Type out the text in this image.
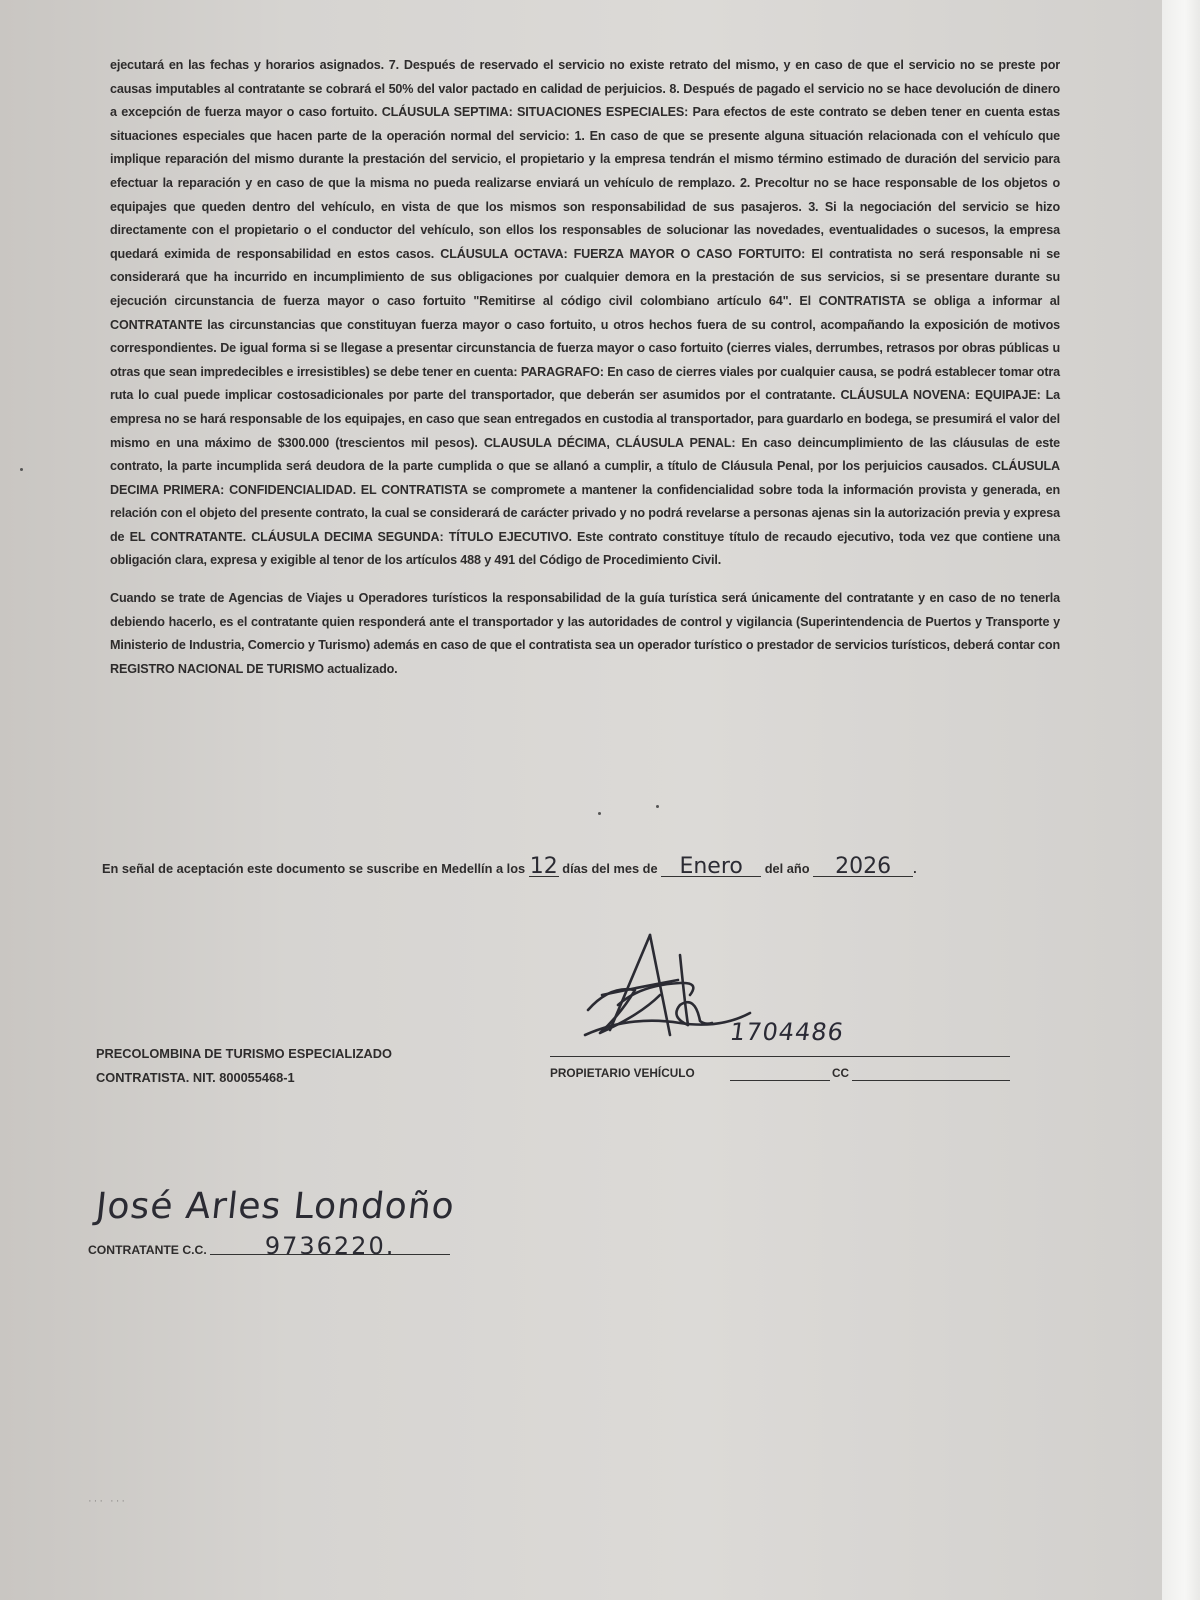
ejecutará en las fechas y horarios asignados. 7. Después de reservado el servicio no existe retrato del mismo, y en caso de que el servicio no se preste por causas imputables al contratante se cobrará el 50% del valor pactado en calidad de perjuicios. 8. Después de pagado el servicio no se hace devolución de dinero a excepción de fuerza mayor o caso fortuito. CLÁUSULA SEPTIMA: SITUACIONES ESPECIALES: Para efectos de este contrato se deben tener en cuenta estas situaciones especiales que hacen parte de la operación normal del servicio: 1. En caso de que se presente alguna situación relacionada con el vehículo que implique reparación del mismo durante la prestación del servicio, el propietario y la empresa tendrán el mismo término estimado de duración del servicio para efectuar la reparación y en caso de que la misma no pueda realizarse enviará un vehículo de remplazo. 2. Precoltur no se hace responsable de los objetos o equipajes que queden dentro del vehículo, en vista de que los mismos son responsabilidad de sus pasajeros. 3. Si la negociación del servicio se hizo directamente con el propietario o el conductor del vehículo, son ellos los responsables de solucionar las novedades, eventualidades o sucesos, la empresa quedará eximida de responsabilidad en estos casos. CLÁUSULA OCTAVA: FUERZA MAYOR O CASO FORTUITO: El contratista no será responsable ni se considerará que ha incurrido en incumplimiento de sus obligaciones por cualquier demora en la prestación de sus servicios, si se presentare durante su ejecución circunstancia de fuerza mayor o caso fortuito "Remitirse al código civil colombiano artículo 64". El CONTRATISTA se obliga a informar al CONTRATANTE las circunstancias que constituyan fuerza mayor o caso fortuito, u otros hechos fuera de su control, acompañando la exposición de motivos correspondientes. De igual forma si se llegase a presentar circunstancia de fuerza mayor o caso fortuito (cierres viales, derrumbes, retrasos por obras públicas u otras que sean impredecibles e irresistibles) se debe tener en cuenta: PARAGRAFO: En caso de cierres viales por cualquier causa, se podrá establecer tomar otra ruta lo cual puede implicar costosadicionales por parte del transportador, que deberán ser asumidos por el contratante. CLÁUSULA NOVENA: EQUIPAJE: La empresa no se hará responsable de los equipajes, en caso que sean entregados en custodia al transportador, para guardarlo en bodega, se presumirá el valor del mismo en una máximo de $300.000 (trescientos mil pesos). CLAUSULA DÉCIMA, CLÁUSULA PENAL: En caso deincumplimiento de las cláusulas de este contrato, la parte incumplida será deudora de la parte cumplida o que se allanó a cumplir, a título de Cláusula Penal, por los perjuicios causados. CLÁUSULA DECIMA PRIMERA: CONFIDENCIALIDAD. EL CONTRATISTA se compromete a mantener la confidencialidad sobre toda la información provista y generada, en relación con el objeto del presente contrato, la cual se considerará de carácter privado y no podrá revelarse a personas ajenas sin la autorización previa y expresa de EL CONTRATANTE. CLÁUSULA DECIMA SEGUNDA: TÍTULO EJECUTIVO. Este contrato constituye título de recaudo ejecutivo, toda vez que contiene una obligación clara, expresa y exigible al tenor de los artículos 488 y 491 del Código de Procedimiento Civil.

Cuando se trate de Agencias de Viajes u Operadores turísticos la responsabilidad de la guía turística será únicamente del contratante y en caso de no tenerla debiendo hacerlo, es el contratante quien responderá ante el transportador y las autoridades de control y vigilancia (Superintendencia de Puertos y Transporte y Ministerio de Industria, Comercio y Turismo) además en caso de que el contratista sea un operador turístico o prestador de servicios turísticos, deberá contar con REGISTRO NACIONAL DE TURISMO actualizado.

En señal de aceptación este documento se suscribe en Medellín a los 12 días del mes de Enero del año 2026 .
PRECOLOMBINA DE TURISMO ESPECIALIZADO
CONTRATISTA. NIT. 800055468-1
1704486
PROPIETARIO VEHÍCULO	CC
José Arles Londoño
CONTRATANTE C.C. 9736220.
··· ···
